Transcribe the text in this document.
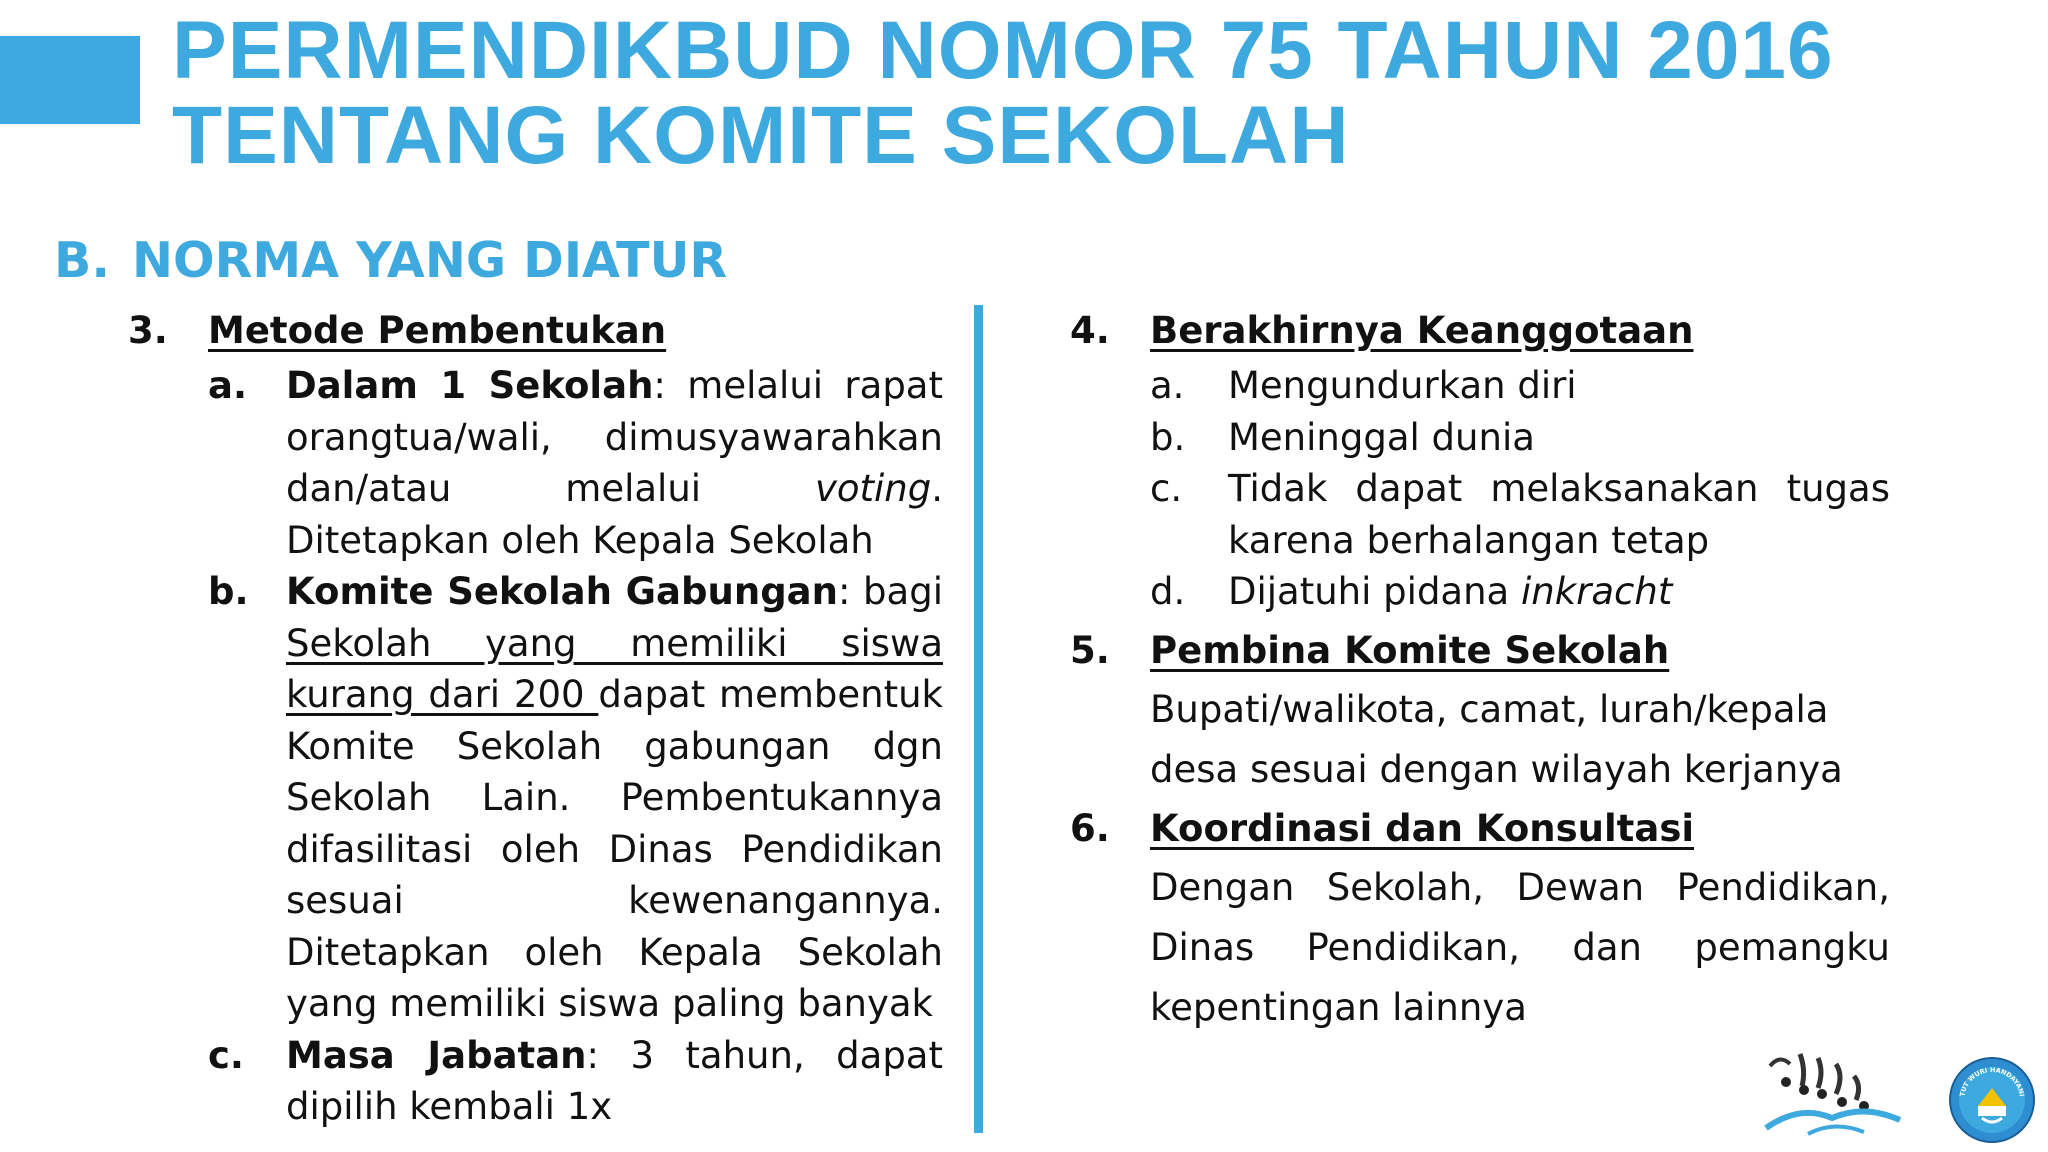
PERMENDIKBUD NOMOR 75 TAHUN 2016
TENTANG KOMITE SEKOLAH
B. NORMA YANG DIATUR
3. Metode Pembentukan
a. Dalam 1 Sekolah: melalui rapat orangtua/wali, dimusyawarahkan dan/atau melalui voting. Ditetapkan oleh Kepala Sekolah
b. Komite Sekolah Gabungan: bagi Sekolah yang memiliki siswa kurang dari 200 dapat membentuk Komite Sekolah gabungan dgn Sekolah Lain. Pembentukannya difasilitasi oleh Dinas Pendidikan sesuai kewenangannya. Ditetapkan oleh Kepala Sekolah yang memiliki siswa paling banyak
c. Masa Jabatan: 3 tahun, dapat dipilih kembali 1x
4. Berakhirnya Keanggotaan
a. Mengundurkan diri
b. Meninggal dunia
c. Tidak dapat melaksanakan tugas karena berhalangan tetap
d. Dijatuhi pidana inkracht
5. Pembina Komite Sekolah
Bupati/walikota, camat, lurah/kepala desa sesuai dengan wilayah kerjanya
6. Koordinasi dan Konsultasi
Dengan Sekolah, Dewan Pendidikan, Dinas Pendidikan, dan pemangku kepentingan lainnya
TUT WURI HANDAYANI
